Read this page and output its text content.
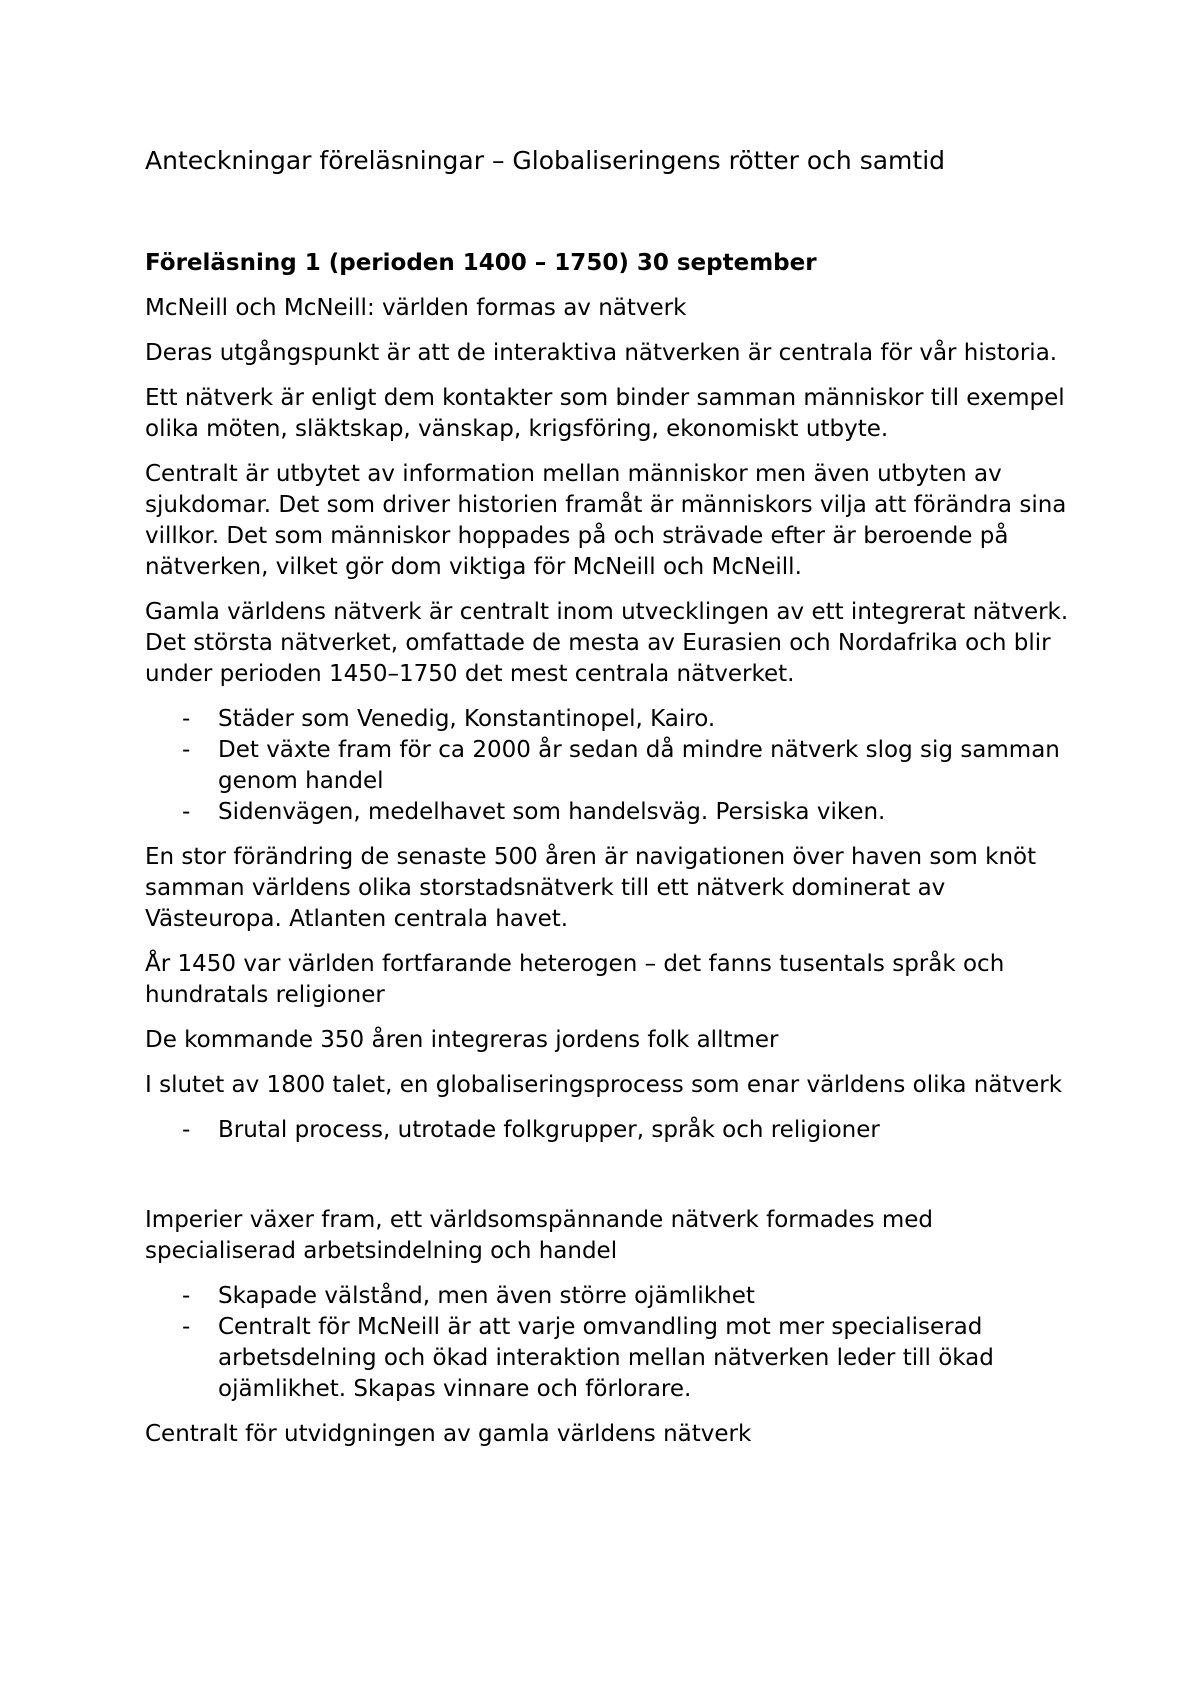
Anteckningar föreläsningar – Globaliseringens rötter och samtid
Föreläsning 1 (perioden 1400 – 1750) 30 september

McNeill och McNeill: världen formas av nätverk

Deras utgångspunkt är att de interaktiva nätverken är centrala för vår historia.

Ett nätverk är enligt dem kontakter som binder samman människor till exempel olika möten, släktskap, vänskap, krigsföring, ekonomiskt utbyte.

Centralt är utbytet av information mellan människor men även utbyten av sjukdomar. Det som driver historien framåt är människors vilja att förändra sina villkor. Det som människor hoppades på och strävade efter är beroende på nätverken, vilket gör dom viktiga för McNeill och McNeill.

Gamla världens nätverk är centralt inom utvecklingen av ett integrerat nätverk. Det största nätverket, omfattade de mesta av Eurasien och Nordafrika och blir under perioden 1450–1750 det mest centrala nätverket.

- Städer som Venedig, Konstantinopel, Kairo.
- Det växte fram för ca 2000 år sedan då mindre nätverk slog sig samman genom handel
- Sidenvägen, medelhavet som handelsväg. Persiska viken.

En stor förändring de senaste 500 åren är navigationen över haven som knöt samman världens olika storstadsnätverk till ett nätverk dominerat av Västeuropa. Atlanten centrala havet.

År 1450 var världen fortfarande heterogen – det fanns tusentals språk och hundratals religioner

De kommande 350 åren integreras jordens folk alltmer

I slutet av 1800 talet, en globaliseringsprocess som enar världens olika nätverk

- Brutal process, utrotade folkgrupper, språk och religioner

Imperier växer fram, ett världsomspännande nätverk formades med specialiserad arbetsindelning och handel

- Skapade välstånd, men även större ojämlikhet
- Centralt för McNeill är att varje omvandling mot mer specialiserad arbetsdelning och ökad interaktion mellan nätverken leder till ökad ojämlikhet. Skapas vinnare och förlorare.

Centralt för utvidgningen av gamla världens nätverk
